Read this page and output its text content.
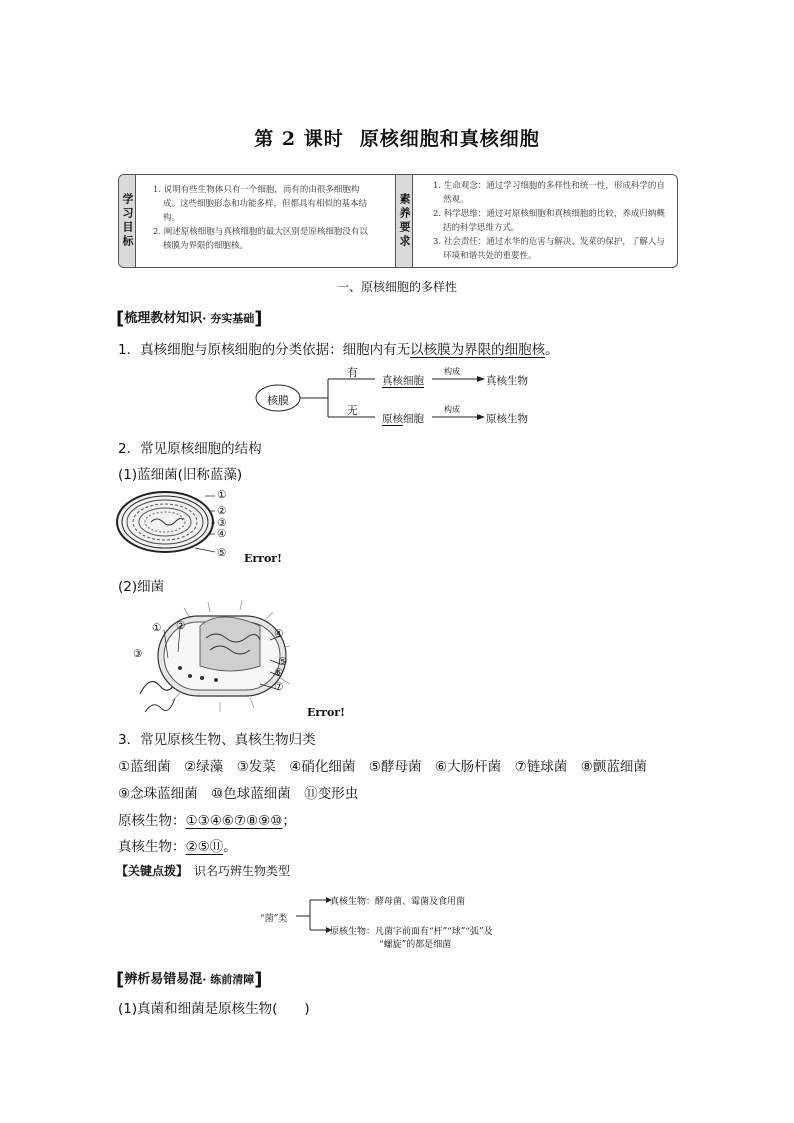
第 2 课时 原核细胞和真核细胞
学习目标
1. 说明有些生物体只有一个细胞，而有的由很多细胞构成。这些细胞形态和功能多样，但都具有相似的基本结构。
2. 阐述原核细胞与真核细胞的最大区别是原核细胞没有以核膜为界限的细胞核。	素养要求
1. 生命观念：通过学习细胞的多样性和统一性，形成科学的自然观。
2. 科学思维：通过对原核细胞和真核细胞的比较，养成归纳概括的科学思维方式。
3. 社会责任：通过水华的危害与解决、发菜的保护，了解人与环境和谐共处的重要性。
一、原核细胞的多样性
[梳理教材知识· 夯实基础]
1．真核细胞与原核细胞的分类依据：细胞内有无以核膜为界限的细胞核。
核膜
有
无
真核细胞
构成
真核生物
原核细胞
构成
原核生物
2．常见原核细胞的结构
(1)蓝细菌(旧称蓝藻)
①
②
③
④
⑤ Error!
(2)细菌
① ②
③
④
⑤
⑥
⑦
Error!
3．常见原核生物、真核生物归类
①蓝细菌　②绿藻　③发菜　④硝化细菌　⑤酵母菌　⑥大肠杆菌　⑦链球菌　⑧颤蓝细菌
⑨念珠蓝细菌　⑩色球蓝细菌　⑪变形虫
原核生物：①③④⑥⑦⑧⑨⑩；
真核生物：②⑤⑪。
【关键点拨】　 识名巧辨生物类型
“菌”类
真核生物：酵母菌、霉菌及食用菌
原核生物：凡菌字前面有“杆”“球”“弧”及
“螺旋”的都是细菌
[辨析易错易混· 练前清障]
(1)真菌和细菌是原核生物(　　)
